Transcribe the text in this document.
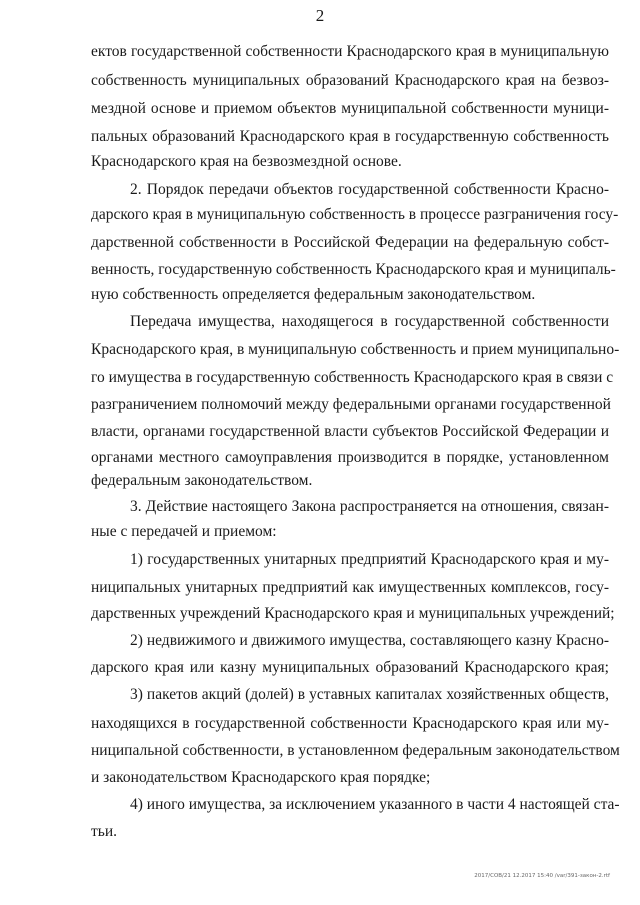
2
ектов государственной собственности Краснодарского края в муниципальную
собственность муниципальных образований Краснодарского края на безвоз-
мездной основе и приемом объектов муниципальной собственности муници-
пальных образований Краснодарского края в государственную собственность
Краснодарского края на безвозмездной основе.
2. Порядок передачи объектов государственной собственности Красно-
дарского края в муниципальную собственность в процессе разграничения госу-
дарственной собственности в Российской Федерации на федеральную собст-
венность, государственную собственность Краснодарского края и муниципаль-
ную собственность определяется федеральным законодательством.
Передача имущества, находящегося в государственной собственности
Краснодарского края, в муниципальную собственность и прием муниципально-
го имущества в государственную собственность Краснодарского края в связи с
разграничением полномочий между федеральными органами государственной
власти, органами государственной власти субъектов Российской Федерации и
органами местного самоуправления производится в порядке, установленном
федеральным законодательством.
3. Действие настоящего Закона распространяется на отношения, связан-
ные с передачей и приемом:
1) государственных унитарных предприятий Краснодарского края и му-
ниципальных унитарных предприятий как имущественных комплексов, госу-
дарственных учреждений Краснодарского края и муниципальных учреждений;
2) недвижимого и движимого имущества, составляющего казну Красно-
дарского края или казну муниципальных образований Краснодарского края;
3) пакетов акций (долей) в уставных капиталах хозяйственных обществ,
находящихся в государственной собственности Краснодарского края или му-
ниципальной собственности, в установленном федеральным законодательством
и законодательством Краснодарского края порядке;
4) иного имущества, за исключением указанного в части 4 настоящей ста-
тьи.
2017/COB/21 12.2017 15:40 /var/391-закон-2.rtf
